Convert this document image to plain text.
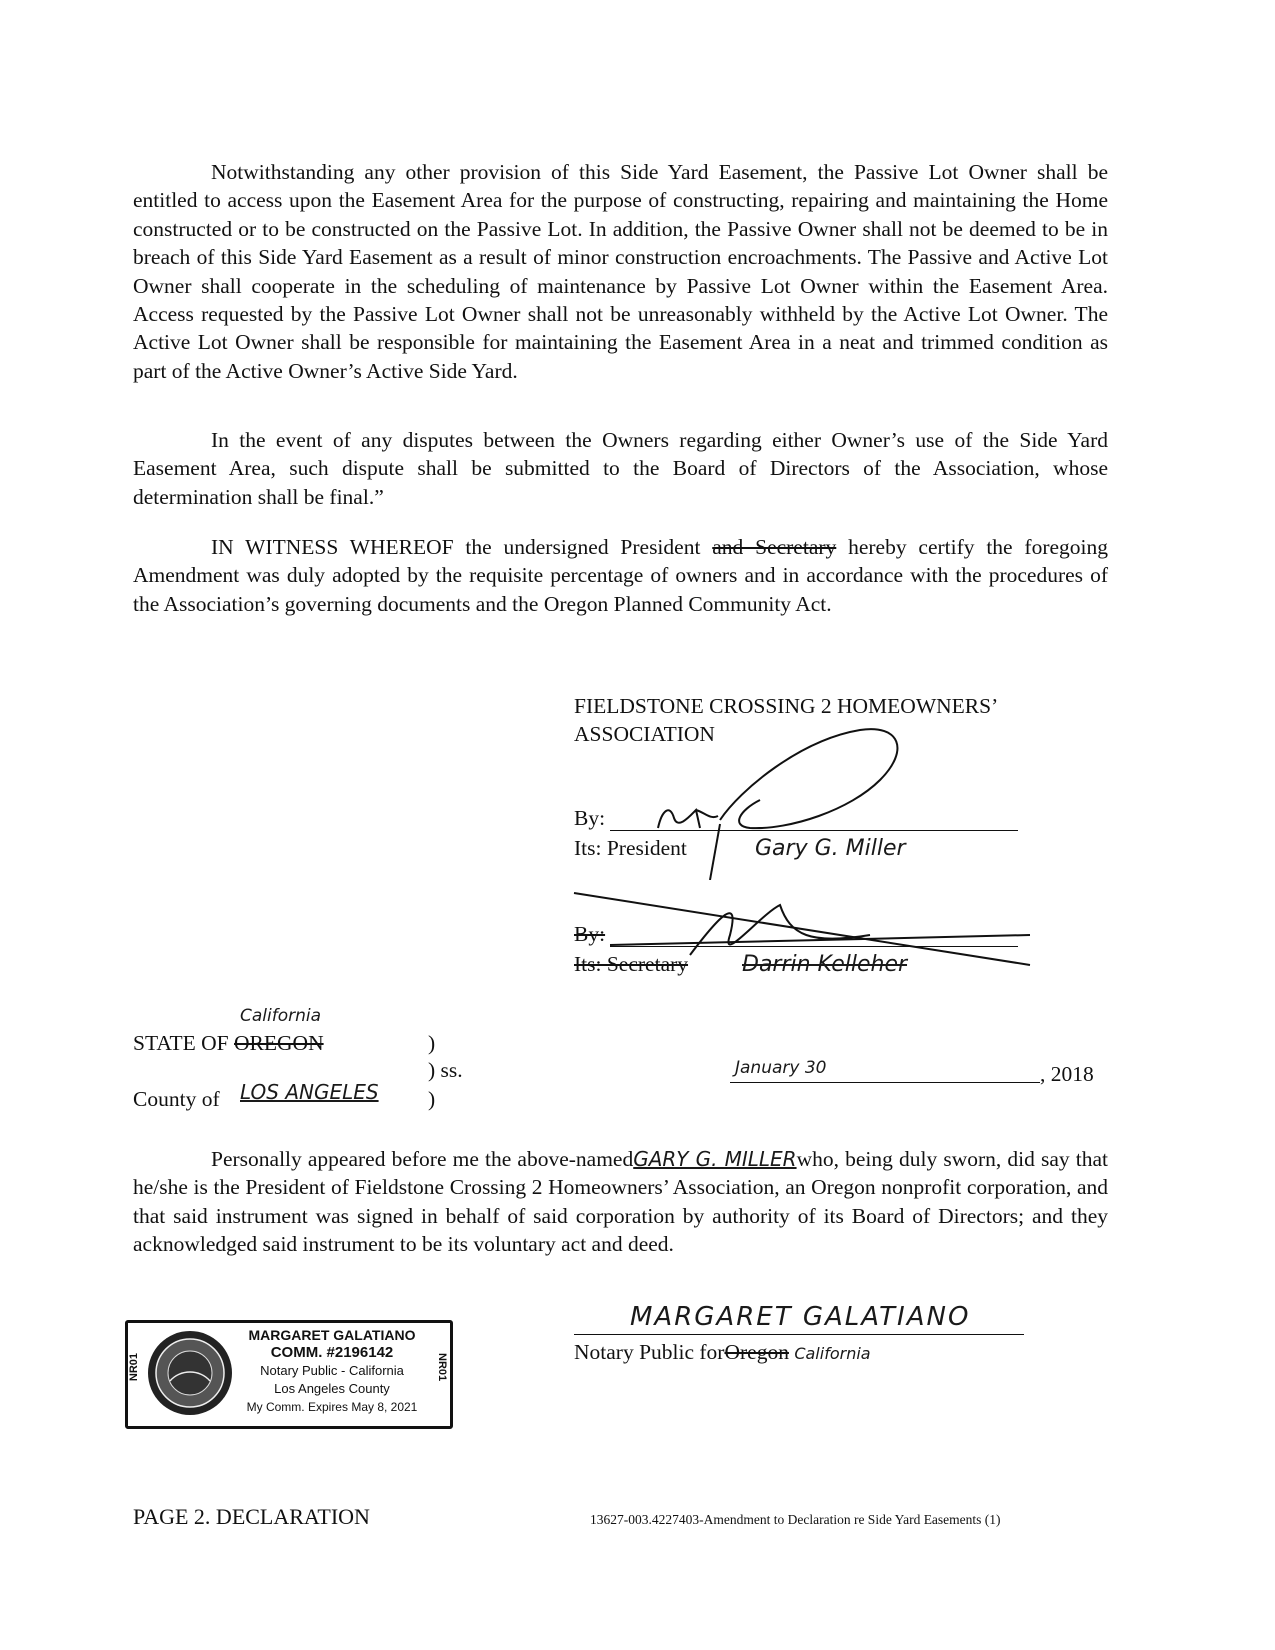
Notwithstanding any other provision of this Side Yard Easement, the Passive Lot Owner shall be entitled to access upon the Easement Area for the purpose of constructing, repairing and maintaining the Home constructed or to be constructed on the Passive Lot. In addition, the Passive Owner shall not be deemed to be in breach of this Side Yard Easement as a result of minor construction encroachments. The Passive and Active Lot Owner shall cooperate in the scheduling of maintenance by Passive Lot Owner within the Easement Area. Access requested by the Passive Lot Owner shall not be unreasonably withheld by the Active Lot Owner. The Active Lot Owner shall be responsible for maintaining the Easement Area in a neat and trimmed condition as part of the Active Owner’s Active Side Yard.

In the event of any disputes between the Owners regarding either Owner’s use of the Side Yard Easement Area, such dispute shall be submitted to the Board of Directors of the Association, whose determination shall be final.”

IN WITNESS WHEREOF the undersigned President and Secretary hereby certify the foregoing Amendment was duly adopted by the requisite percentage of owners and in accordance with the procedures of the Association’s governing documents and the Oregon Planned Community Act.

FIELDSTONE CROSSING 2 HOMEOWNERS’
ASSOCIATION
By:
Its: President	Gary G. Miller
By:
Its: Secretary Darrin Kelleher
California
STATE OF OREGON	)
) ss.
County of LOS ANGELES )
January 30	, 2018

Personally appeared before me the above-namedGARY G. MILLERwho, being duly sworn, did say that he/she is the President of Fieldstone Crossing 2 Homeowners’ Association, an Oregon nonprofit corporation, and that said instrument was signed in behalf of said corporation by authority of its Board of Directors; and they acknowledged said instrument to be its voluntary act and deed.

NR01	NR01
MARGARET GALATIANO
COMM. #2196142
Notary Public - California
Los Angeles County
My Comm. Expires May 8, 2021
MARGARET GALATIANO
Notary Public forOregon California
PAGE 2. DECLARATION	13627-003.4227403-Amendment to Declaration re Side Yard Easements (1)
